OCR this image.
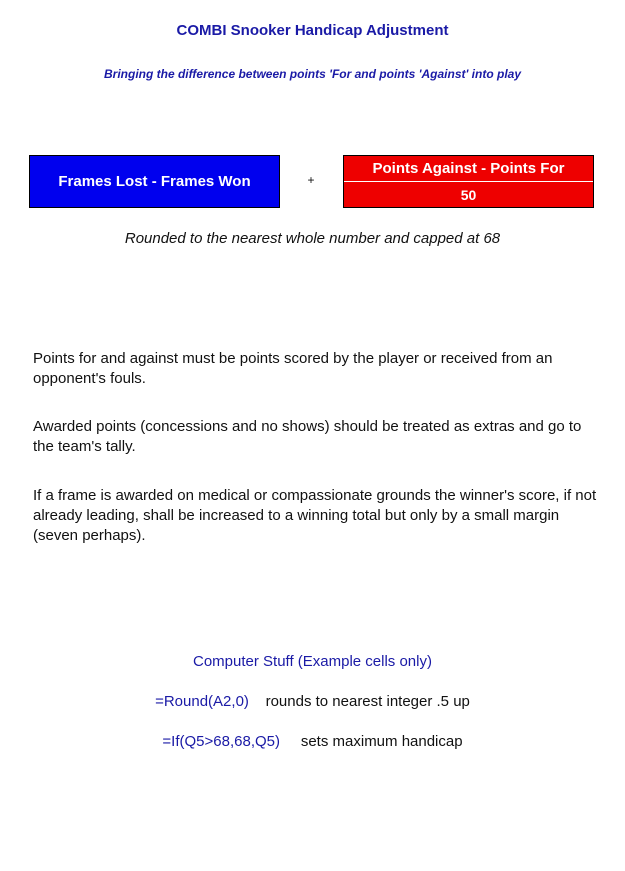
COMBI Snooker Handicap Adjustment
Bringing the difference between points 'For and points 'Against' into play
Frames Lost - Frames Won	+
Points Against - Points For
50
Rounded to the nearest whole number and capped at 68
Points for and against must be points scored by the player or received from an opponent's fouls.
Awarded points (concessions and no shows) should be treated as extras and go to the team's tally.
If a frame is awarded on medical or compassionate grounds the winner's score, if not already leading, shall be increased to a winning total but only by a small margin (seven perhaps).
Computer Stuff (Example cells only)
=Round(A2,0) rounds to nearest integer .5 up
=If(Q5>68,68,Q5) sets maximum handicap
